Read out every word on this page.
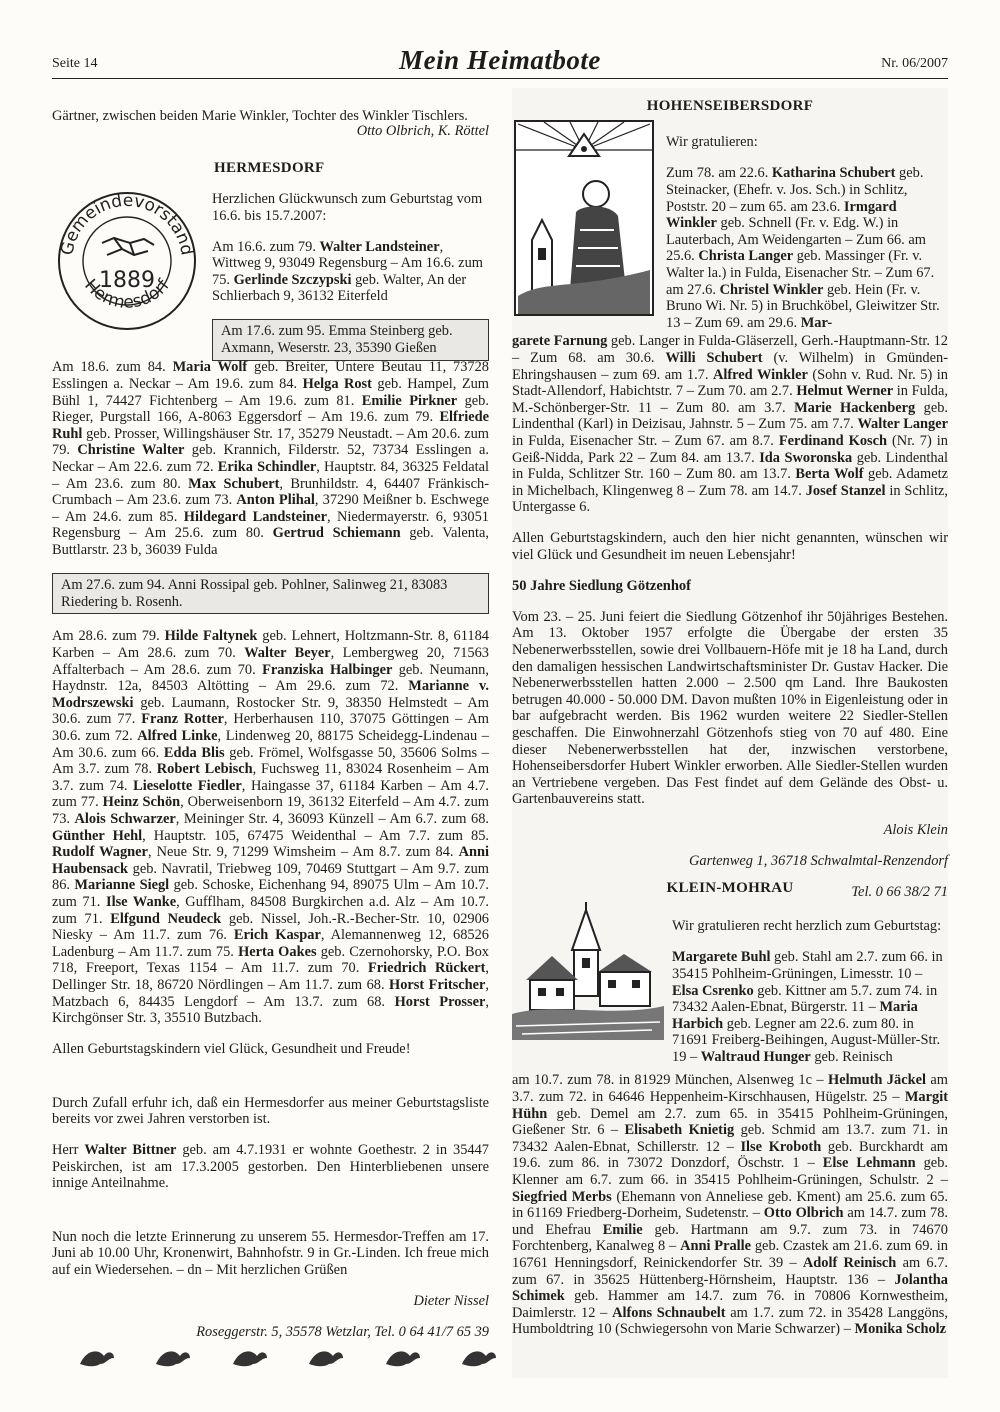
Seite 14	Mein Heimatbote	Nr. 06/2007

Gärtner, zwischen beiden Marie Winkler, Tochter des Winkler Tischlers.

Otto Olbrich, K. Röttel

Gemeindevorstand
Hermesdorf
1889
HERMESDORF

Herzlichen Glückwunsch zum Geburtstag vom 16.6. bis 15.7.2007:

Am 16.6. zum 79. Walter Landsteiner, Wittweg 9, 93049 Regensburg – Am 16.6. zum 75. Gerlinde Szczypski geb. Walter, An der Schlierbach 9, 36132 Eiterfeld

Am 17.6. zum 95. Emma Steinberg geb. Axmann, Weserstr. 23, 35390 Gießen

Am 18.6. zum 84. Maria Wolf geb. Breiter, Untere Beutau 11, 73728 Esslingen a. Neckar – Am 19.6. zum 84. Helga Rost geb. Hampel, Zum Bühl 1, 74427 Fichtenberg – Am 19.6. zum 81. Emilie Pirkner geb. Rieger, Purgstall 166, A-8063 Eggersdorf – Am 19.6. zum 79. Elfriede Ruhl geb. Prosser, Willingshäuser Str. 17, 35279 Neustadt. – Am 20.6. zum 79. Christine Walter geb. Krannich, Filderstr. 52, 73734 Esslingen a. Neckar – Am 22.6. zum 72. Erika Schindler, Hauptstr. 84, 36325 Feldatal – Am 23.6. zum 80. Max Schubert, Brunhildstr. 4, 64407 Fränkisch-Crumbach – Am 23.6. zum 73. Anton Plihal, 37290 Meißner b. Eschwege – Am 24.6. zum 85. Hildegard Landsteiner, Niedermayerstr. 6, 93051 Regensburg – Am 25.6. zum 80. Gertrud Schiemann geb. Valenta, Buttlarstr. 23 b, 36039 Fulda

Am 27.6. zum 94. Anni Rossipal geb. Pohlner, Salinweg 21, 83083 Riedering b. Rosenh.

Am 28.6. zum 79. Hilde Faltynek geb. Lehnert, Holtzmann-Str. 8, 61184 Karben – Am 28.6. zum 70. Walter Beyer, Lembergweg 20, 71563 Affalterbach – Am 28.6. zum 70. Franziska Halbinger geb. Neumann, Haydnstr. 12a, 84503 Altötting – Am 29.6. zum 72. Marianne v. Modrszewski geb. Laumann, Rostocker Str. 9, 38350 Helmstedt – Am 30.6. zum 77. Franz Rotter, Herberhausen 110, 37075 Göttingen – Am 30.6. zum 72. Alfred Linke, Lindenweg 20, 88175 Scheidegg-Lindenau – Am 30.6. zum 66. Edda Blis geb. Frömel, Wolfsgasse 50, 35606 Solms – Am 3.7. zum 78. Robert Lebisch, Fuchsweg 11, 83024 Rosenheim – Am 3.7. zum 74. Lieselotte Fiedler, Haingasse 37, 61184 Karben – Am 4.7. zum 77. Heinz Schön, Oberweisenborn 19, 36132 Eiterfeld – Am 4.7. zum 73. Alois Schwarzer, Meininger Str. 4, 36093 Künzell – Am 6.7. zum 68. Günther Hehl, Hauptstr. 105, 67475 Weidenthal – Am 7.7. zum 85. Rudolf Wagner, Neue Str. 9, 71299 Wimsheim – Am 8.7. zum 84. Anni Haubensack geb. Navratil, Triebweg 109, 70469 Stuttgart – Am 9.7. zum 86. Marianne Siegl geb. Schoske, Eichenhang 94, 89075 Ulm – Am 10.7. zum 71. Ilse Wanke, Gufflham, 84508 Burgkirchen a.d. Alz – Am 10.7. zum 71. Elfgund Neudeck geb. Nissel, Joh.-R.-Becher-Str. 10, 02906 Niesky – Am 11.7. zum 76. Erich Kaspar, Alemannenweg 12, 68526 Ladenburg – Am 11.7. zum 75. Herta Oakes geb. Czernohorsky, P.O. Box 718, Freeport, Texas 1154 – Am 11.7. zum 70. Friedrich Rückert, Dellinger Str. 18, 86720 Nördlingen – Am 11.7. zum 68. Horst Fritscher, Matzbach 6, 84435 Lengdorf – Am 13.7. zum 68. Horst Prosser, Kirchgönser Str. 3, 35510 Butzbach.

Allen Geburtstagskindern viel Glück, Gesundheit und Freude!

Durch Zufall erfuhr ich, daß ein Hermesdorfer aus meiner Geburtstagsliste bereits vor zwei Jahren verstorben ist.

Herr Walter Bittner geb. am 4.7.1931 er wohnte Goethestr. 2 in 35447 Peiskirchen, ist am 17.3.2005 gestorben. Den Hinterbliebenen unsere innige Anteilnahme.

Nun noch die letzte Erinnerung zu unserem 55. Hermesdor-Treffen am 17. Juni ab 10.00 Uhr, Kronenwirt, Bahnhofstr. 9 in Gr.-Linden. Ich freue mich auf ein Wiedersehen. – dn – Mit herzlichen Grüßen

Dieter Nissel

Roseggerstr. 5, 35578 Wetzlar, Tel. 0 64 41/7 65 39

HOHENSEIBERSDORF

Wir gratulieren:

Zum 78. am 22.6. Katharina Schubert geb. Steinacker, (Ehefr. v. Jos. Sch.) in Schlitz, Poststr. 20 – zum 65. am 23.6. Irmgard Winkler geb. Schnell (Fr. v. Edg. W.) in Lauterbach, Am Weidengarten – Zum 66. am 25.6. Christa Langer geb. Massinger (Fr. v. Walter la.) in Fulda, Eisenacher Str. – Zum 67. am 27.6. Christel Winkler geb. Hein (Fr. v. Bruno Wi. Nr. 5) in Bruchköbel, Gleiwitzer Str. 13 – Zum 69. am 29.6. Mar-

garete Farnung geb. Langer in Fulda-Gläserzell, Gerh.-Hauptmann-Str. 12 – Zum 68. am 30.6. Willi Schubert (v. Wilhelm) in Gmünden-Ehringshausen – zum 69. am 1.7. Alfred Winkler (Sohn v. Rud. Nr. 5) in Stadt-Allendorf, Habichtstr. 7 – Zum 70. am 2.7. Helmut Werner in Fulda, M.-Schönberger-Str. 11 – Zum 80. am 3.7. Marie Hackenberg geb. Lindenthal (Karl) in Deizisau, Jahnstr. 5 – Zum 75. am 7.7. Walter Langer in Fulda, Eisenacher Str. – Zum 67. am 8.7. Ferdinand Kosch (Nr. 7) in Geiß-Nidda, Park 22 – Zum 84. am 13.7. Ida Sworonska geb. Lindenthal in Fulda, Schlitzer Str. 160 – Zum 80. am 13.7. Berta Wolf geb. Adametz in Michelbach, Klingenweg 8 – Zum 78. am 14.7. Josef Stanzel in Schlitz, Untergasse 6.

Allen Geburtstagskindern, auch den hier nicht genannten, wünschen wir viel Glück und Gesundheit im neuen Lebensjahr!

50 Jahre Siedlung Götzenhof

Vom 23. – 25. Juni feiert die Siedlung Götzenhof ihr 50jähriges Bestehen. Am 13. Oktober 1957 erfolgte die Übergabe der ersten 35 Nebenerwerbsstellen, sowie drei Vollbauern-Höfe mit je 18 ha Land, durch den damaligen hessischen Landwirtschaftsminister Dr. Gustav Hacker. Die Nebenerwerbsstellen hatten 2.000 – 2.500 qm Land. Ihre Baukosten betrugen 40.000 - 50.000 DM. Davon mußten 10% in Eigenleistung oder in bar aufgebracht werden. Bis 1962 wurden weitere 22 Siedler-Stellen geschaffen. Die Einwohnerzahl Götzenhofs stieg von 70 auf 480. Eine dieser Nebenerwerbsstellen hat der, inzwischen verstorbene, Hohenseibersdorfer Hubert Winkler erworben. Alle Siedler-Stellen wurden an Vertriebene vergeben. Das Fest findet auf dem Gelände des Obst- u. Gartenbauvereins statt.

Alois Klein

Gartenweg 1, 36718 Schwalmtal-Renzendorf

Tel. 0 66 38/2 71

KLEIN-MOHRAU

Wir gratulieren recht herzlich zum Geburtstag:

Margarete Buhl geb. Stahl am 2.7. zum 66. in 35415 Pohlheim-Grüningen, Limesstr. 10 – Elsa Csrenko geb. Kittner am 5.7. zum 74. in 73432 Aalen-Ebnat, Bürgerstr. 11 – Maria Harbich geb. Legner am 22.6. zum 80. in 71691 Freiberg-Beihingen, August-Müller-Str. 19 – Waltraud Hunger geb. Reinisch

am 10.7. zum 78. in 81929 München, Alsenweg 1c – Helmuth Jäckel am 3.7. zum 72. in 64646 Heppenheim-Kirschhausen, Hügelstr. 25 – Margit Hühn geb. Demel am 2.7. zum 65. in 35415 Pohlheim-Grüningen, Gießener Str. 6 – Elisabeth Knietig geb. Schmid am 13.7. zum 71. in 73432 Aalen-Ebnat, Schillerstr. 12 – Ilse Kroboth geb. Burckhardt am 19.6. zum 86. in 73072 Donzdorf, Öschstr. 1 – Else Lehmann geb. Klenner am 6.7. zum 66. in 35415 Pohlheim-Grüningen, Schulstr. 2 – Siegfried Merbs (Ehemann von Anneliese geb. Kment) am 25.6. zum 65. in 61169 Friedberg-Dorheim, Sudetenstr. – Otto Olbrich am 14.7. zum 78. und Ehefrau Emilie geb. Hartmann am 9.7. zum 73. in 74670 Forchtenberg, Kanalweg 8 – Anni Pralle geb. Czastek am 21.6. zum 69. in 16761 Henningsdorf, Reinickendorfer Str. 39 – Adolf Reinisch am 6.7. zum 67. in 35625 Hüttenberg-Hörnsheim, Hauptstr. 136 – Jolantha Schimek geb. Hammer am 14.7. zum 76. in 70806 Kornwestheim, Daimlerstr. 12 – Alfons Schnaubelt am 1.7. zum 72. in 35428 Langgöns, Humboldtring 10 (Schwiegersohn von Marie Schwarzer) – Monika Scholz
